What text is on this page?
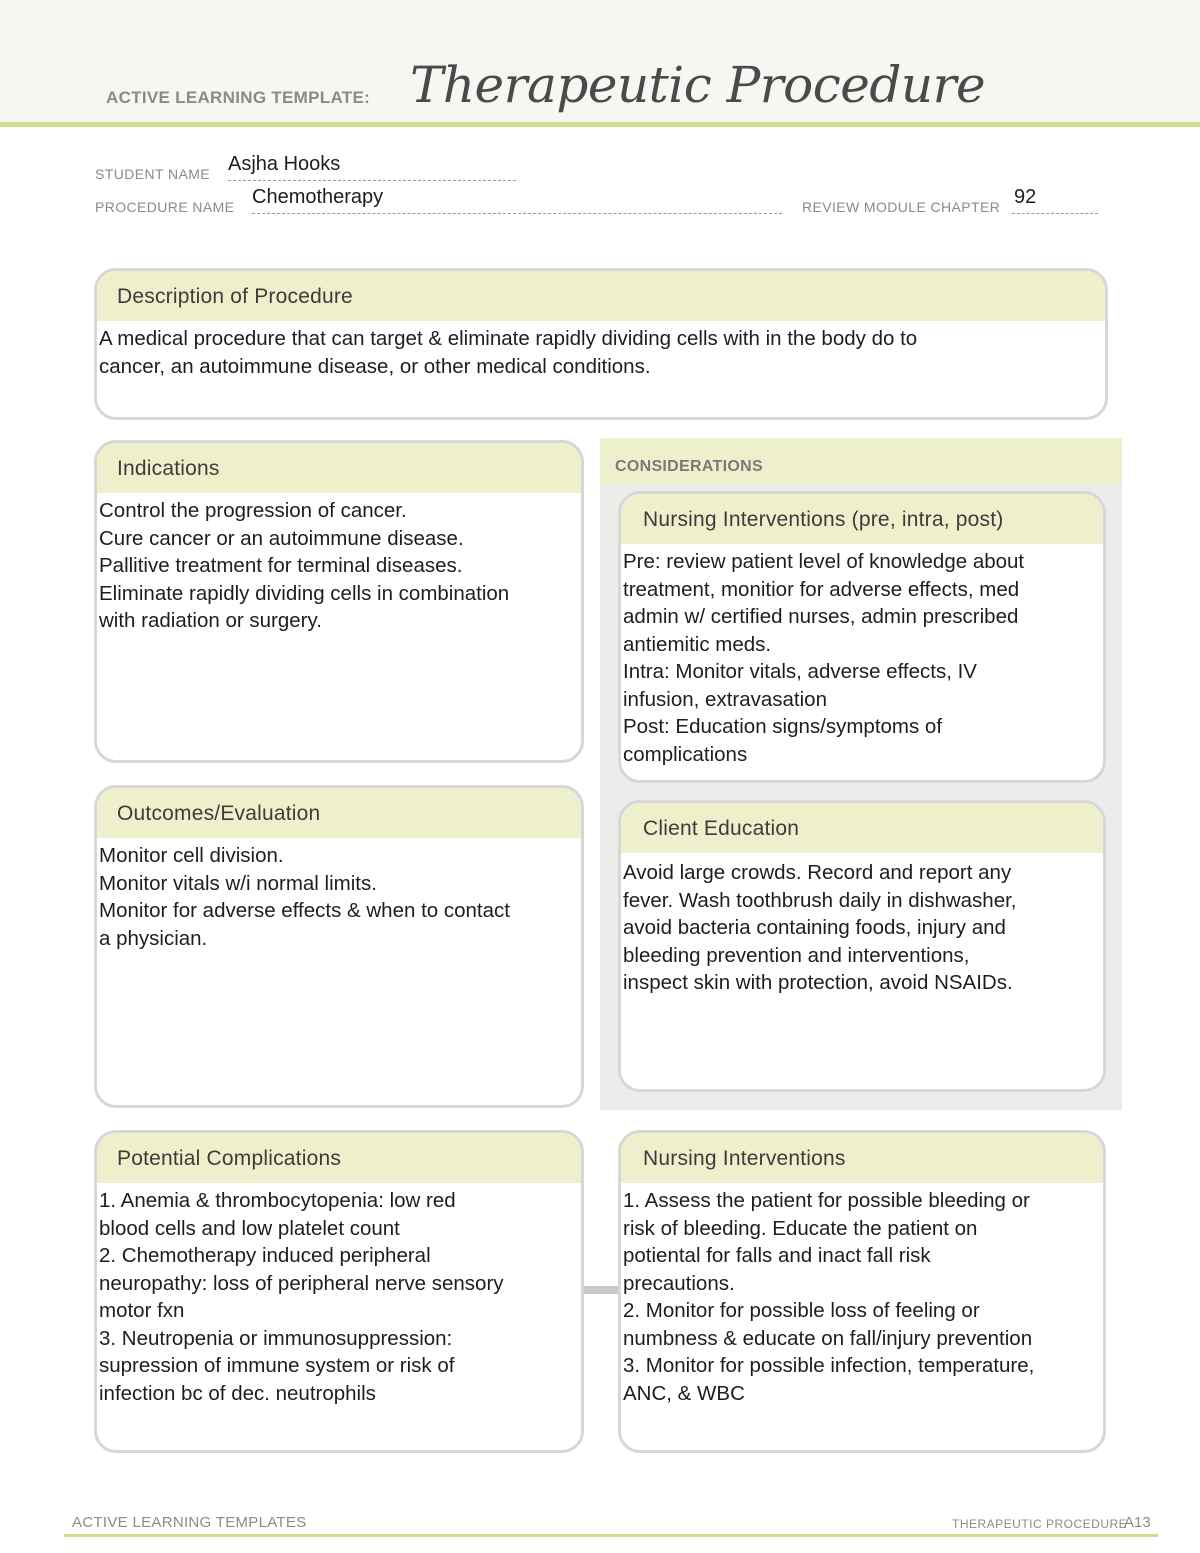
ACTIVE LEARNING TEMPLATE: Therapeutic Procedure
STUDENT NAME Asjha Hooks
PROCEDURE NAME Chemotherapy	REVIEW MODULE CHAPTER 92
Description of Procedure
A medical procedure that can target & eliminate rapidly dividing cells with in the body do to
cancer, an autoimmune disease, or other medical conditions.
CONSIDERATIONS
Indications
Control the progression of cancer.
Cure cancer or an autoimmune disease.
Pallitive treatment for terminal diseases.
Eliminate rapidly dividing cells in combination
with radiation or surgery.
Nursing Interventions (pre, intra, post)
Pre: review patient level of knowledge about
treatment, monitior for adverse effects, med
admin w/ certified nurses, admin prescribed
antiemitic meds.
Intra: Monitor vitals, adverse effects, IV
infusion, extravasation
Post: Education signs/symptoms of
complications
Outcomes/Evaluation
Monitor cell division.
Monitor vitals w/i normal limits.
Monitor for adverse effects & when to contact
a physician.
Client Education
Avoid large crowds. Record and report any
fever. Wash toothbrush daily in dishwasher,
avoid bacteria containing foods, injury and
bleeding prevention and interventions,
inspect skin with protection, avoid NSAIDs.
Potential Complications
1. Anemia & thrombocytopenia: low red
blood cells and low platelet count
2. Chemotherapy induced peripheral
neuropathy: loss of peripheral nerve sensory
motor fxn
3. Neutropenia or immunosuppression:
supression of immune system or risk of
infection bc of dec. neutrophils
Nursing Interventions
1. Assess the patient for possible bleeding or
risk of bleeding. Educate the patient on
potiental for falls and inact fall risk
precautions.
2. Monitor for possible loss of feeling or
numbness & educate on fall/injury prevention
3. Monitor for possible infection, temperature,
ANC, & WBC
ACTIVE LEARNING TEMPLATES	THERAPEUTIC PROCEDURE
A13
